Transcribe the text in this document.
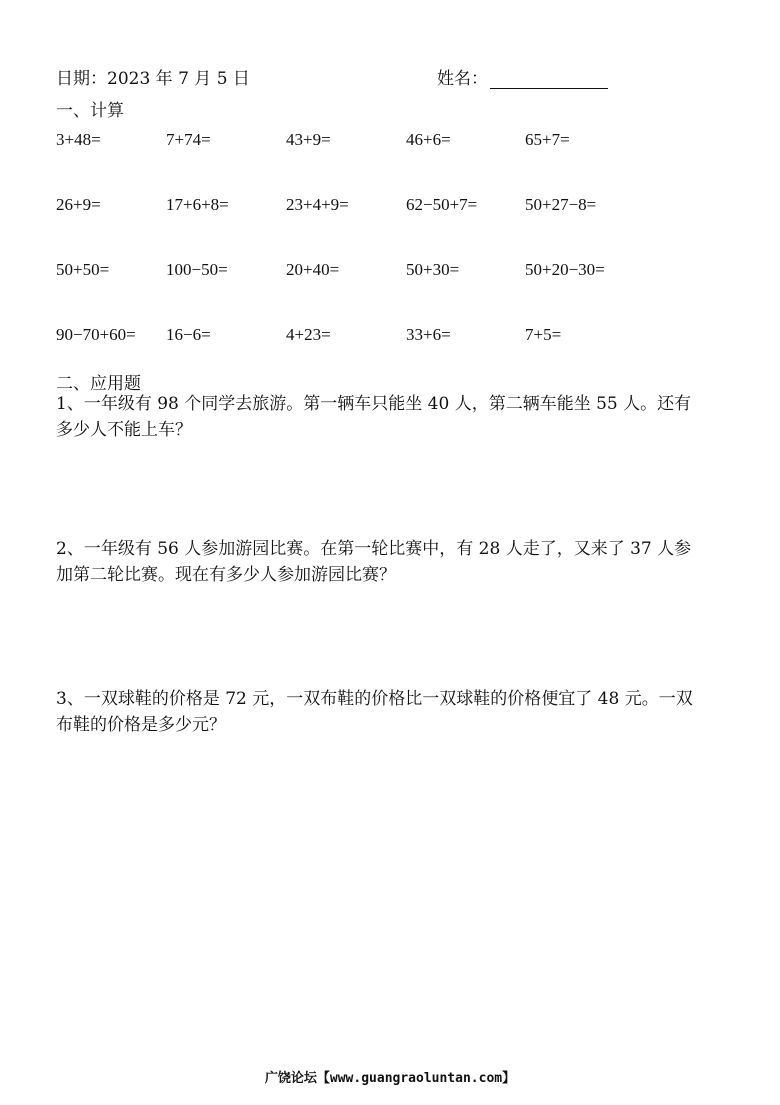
日期：2023 年 7 月 5 日	姓名：
一、计算
3+48=	7+74=	43+9=	46+6=	65+7=
26+9=	17+6+8=	23+4+9=	62−50+7=	50+27−8=
50+50=	100−50=	20+40=	50+30=	50+20−30=
90−70+60= 16−6=	4+23=	33+6=	7+5=
二、应用题

1、一年级有 98 个同学去旅游。第一辆车只能坐 40 人，第二辆车能坐 55 人。还有

多少人不能上车？

2、一年级有 56 人参加游园比赛。在第一轮比赛中，有 28 人走了，又来了 37 人参

加第二轮比赛。现在有多少人参加游园比赛？

3、一双球鞋的价格是 72 元，一双布鞋的价格比一双球鞋的价格便宜了 48 元。一双

布鞋的价格是多少元？

广饶论坛【www.guangraoluntan.com】
